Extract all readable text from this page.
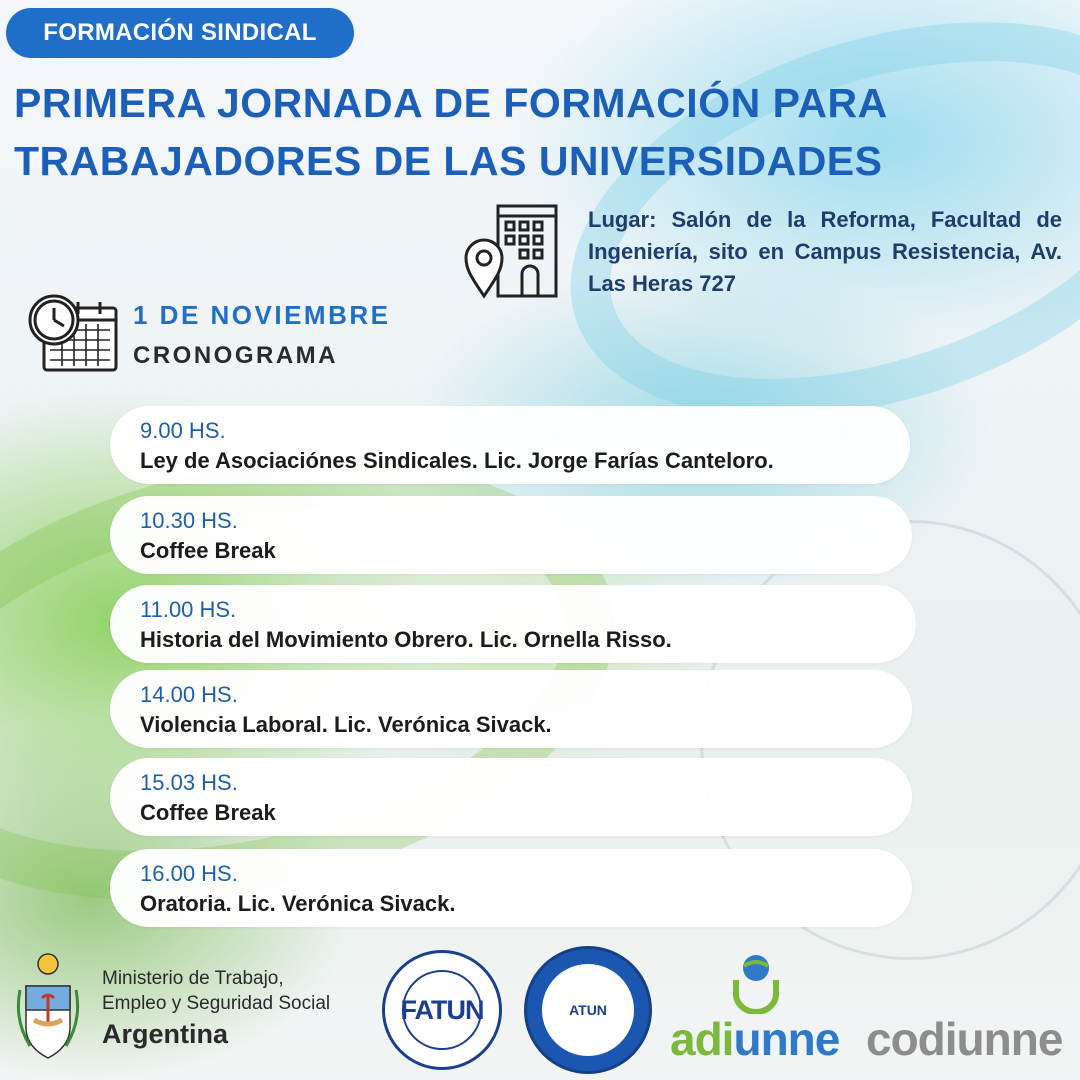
FORMACIÓN SINDICAL
PRIMERA JORNADA DE FORMACIÓN PARA
TRABAJADORES DE LAS UNIVERSIDADES

Lugar: Salón de la Reforma, Facultad de Ingeniería, sito en Campus Resistencia, Av. Las Heras 727

1 DE NOVIEMBRE
CRONOGRAMA
9.00 HS.
Ley de Asociaciónes Sindicales. Lic. Jorge Farías Canteloro.
10.30 HS.
Coffee Break
11.00 HS.
Historia del Movimiento Obrero. Lic. Ornella Risso.
14.00 HS.
Violencia Laboral. Lic. Verónica Sivack.
15.03 HS.
Coffee Break
16.00 HS.
Oratoria. Lic. Verónica Sivack.
Ministerio de Trabajo,
Empleo y Seguridad Social
Argentina
FATUN	ATUN
adiunne codiunne
